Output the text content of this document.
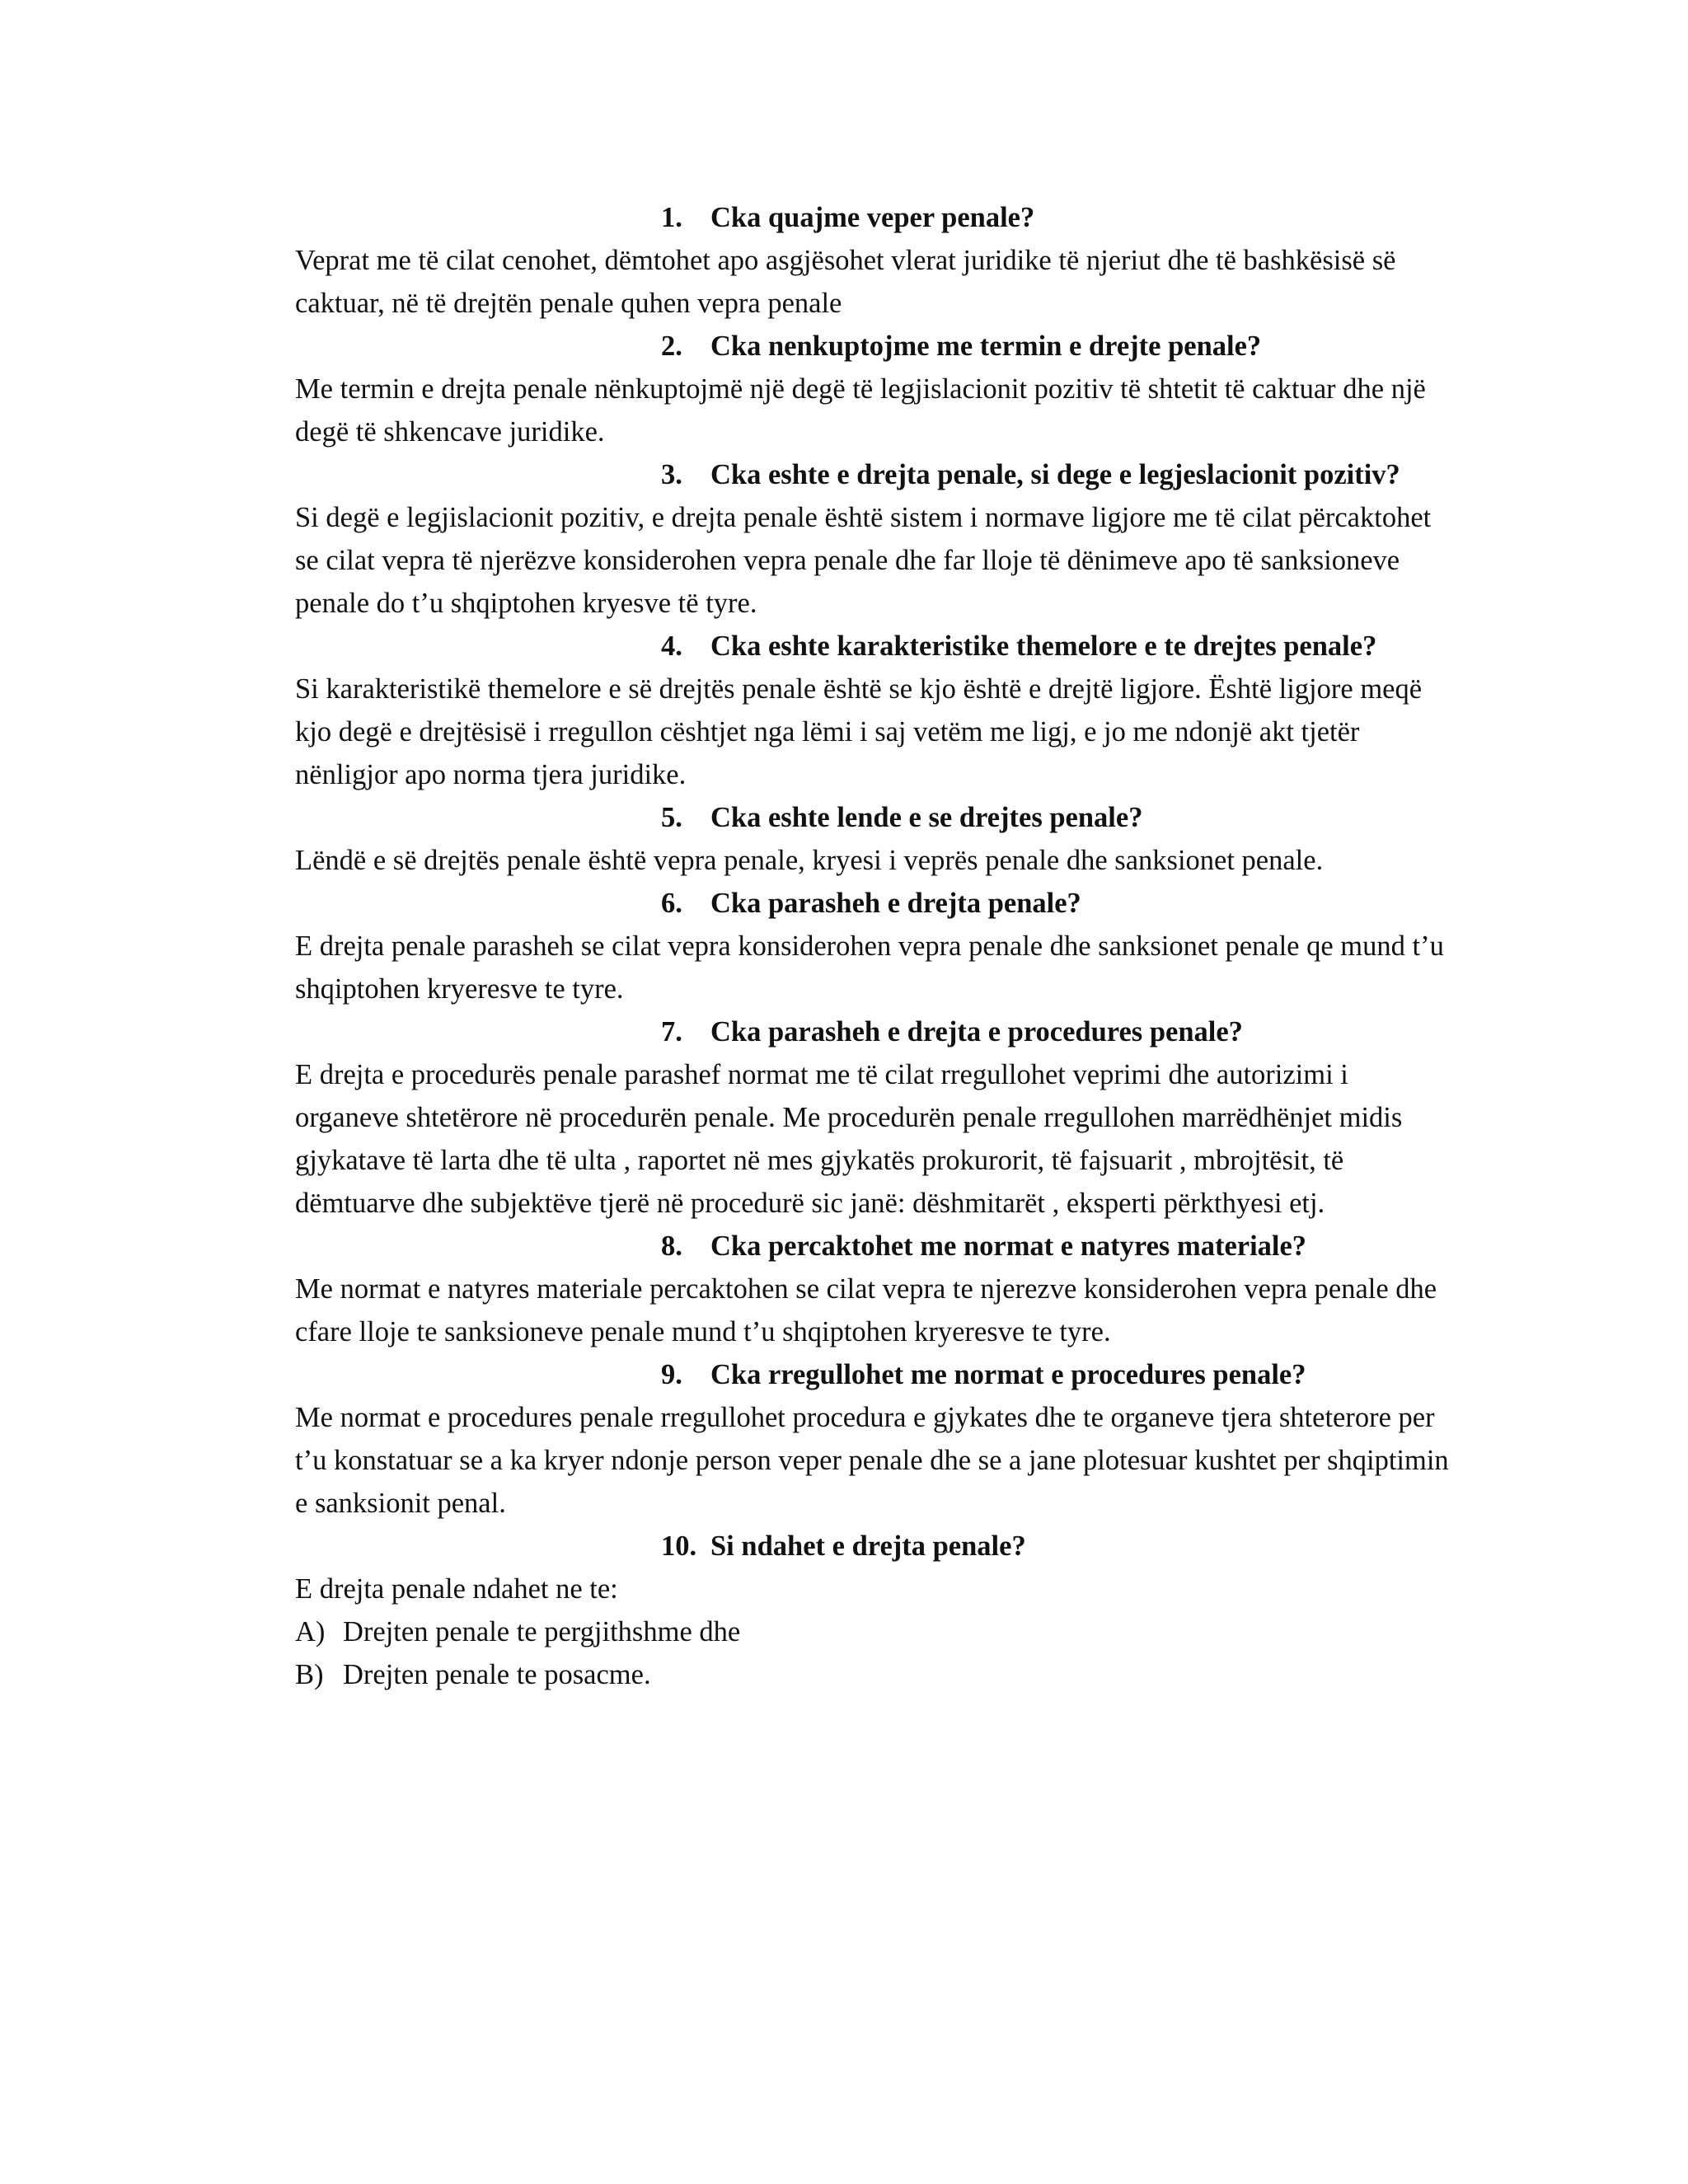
1. Cka quajme veper penale?

Veprat me të cilat cenohet, dëmtohet apo asgjësohet vlerat juridike të njeriut dhe të bashkësisë së caktuar, në të drejtën penale quhen vepra penale

2. Cka nenkuptojme me termin e drejte penale?

Me termin e drejta penale nënkuptojmë një degë të legjislacionit pozitiv të shtetit të caktuar dhe një degë të shkencave juridike.

3. Cka eshte e drejta penale, si dege e legjeslacionit pozitiv?

Si degë e legjislacionit pozitiv, e drejta penale është sistem i normave ligjore me të cilat përcaktohet se cilat vepra të njerëzve konsiderohen vepra penale dhe far lloje të dënimeve apo të sanksioneve penale do t’u shqiptohen kryesve të tyre.

4. Cka eshte karakteristike themelore e te drejtes penale?

Si karakteristikë themelore e së drejtës penale është se kjo është e drejtë ligjore. Është ligjore meqë kjo degë e drejtësisë i rregullon cështjet nga lëmi i saj vetëm me ligj, e jo me ndonjë akt tjetër nënligjor apo norma tjera juridike.

5. Cka eshte lende e se drejtes penale?

Lëndë e së drejtës penale është vepra penale, kryesi i veprës penale dhe sanksionet penale.

6. Cka parasheh e drejta penale?

E drejta penale parasheh se cilat vepra konsiderohen vepra penale dhe sanksionet penale qe mund t’u shqiptohen kryeresve te tyre.

7. Cka parasheh e drejta e procedures penale?

E drejta e procedurës penale parashef normat me të cilat rregullohet veprimi dhe autorizimi i organeve shtetërore në procedurën penale. Me procedurën penale rregullohen marrëdhënjet midis gjykatave të larta dhe të ulta , raportet në mes gjykatës prokurorit, të fajsuarit , mbrojtësit, të dëmtuarve dhe subjektëve tjerë në procedurë sic janë: dëshmitarët , eksperti përkthyesi etj.

8. Cka percaktohet me normat e natyres materiale?

Me normat e natyres materiale percaktohen se cilat vepra te njerezve konsiderohen vepra penale dhe cfare lloje te sanksioneve penale mund t’u shqiptohen kryeresve te tyre.

9. Cka rregullohet me normat e procedures penale?

Me normat e procedures penale rregullohet procedura e gjykates dhe te organeve tjera shteterore per t’u konstatuar se a ka kryer ndonje person veper penale dhe se a jane plotesuar kushtet per shqiptimin e sanksionit penal.

10. Si ndahet e drejta penale?

E drejta penale ndahet ne te:

A) Drejten penale te pergjithshme dhe
B) Drejten penale te posacme.
